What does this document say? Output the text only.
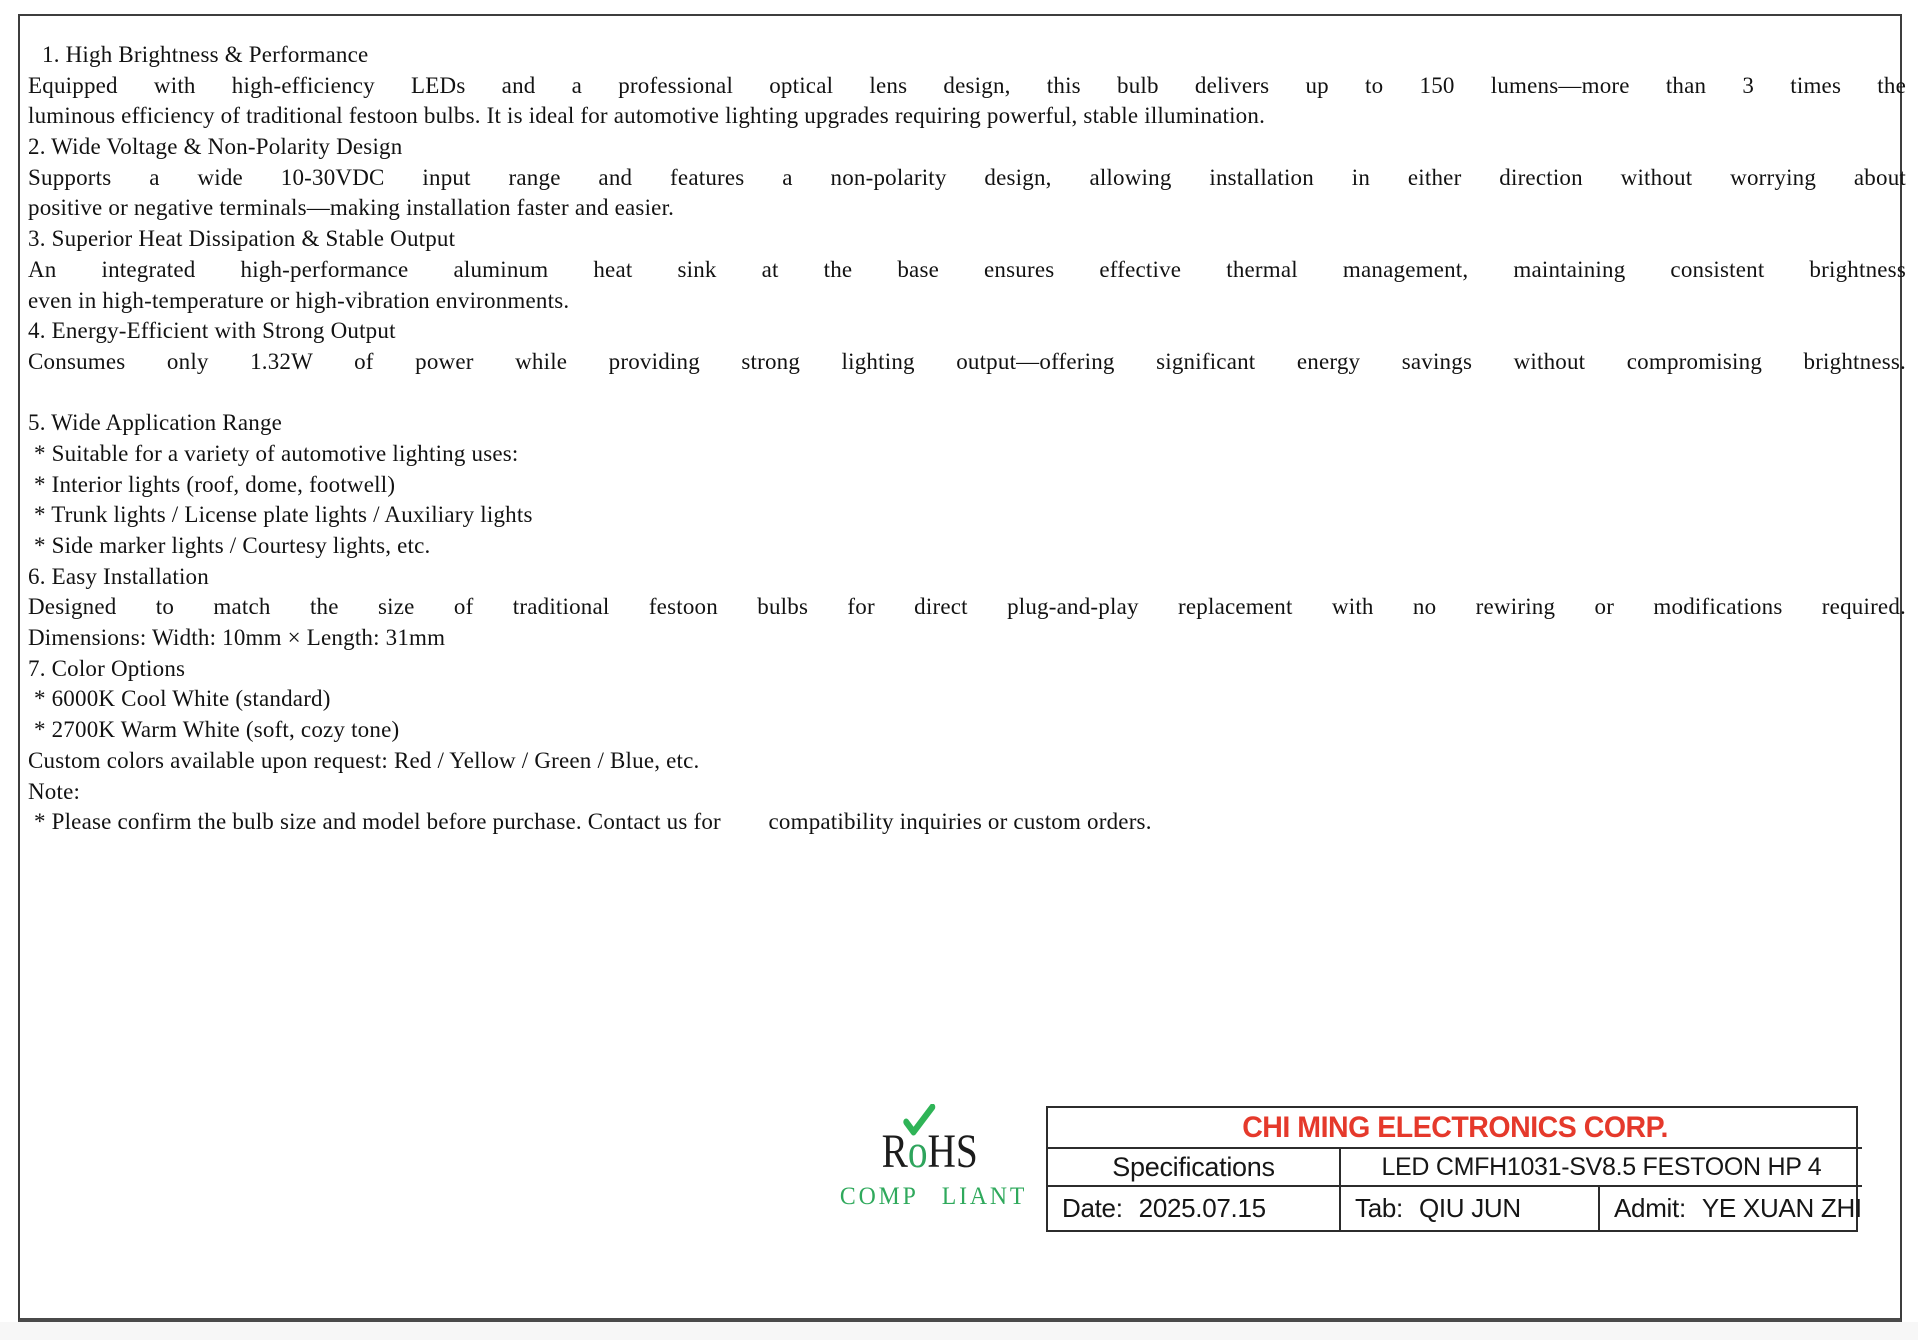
1. High Brightness & Performance
Equipped with high-efficiency LEDs and a professional optical lens design, this bulb delivers up to 150 lumens—more than 3 times the
luminous efficiency of traditional festoon bulbs. It is ideal for automotive lighting upgrades requiring powerful, stable illumination.
2. Wide Voltage & Non-Polarity Design
Supports a wide 10-30VDC input range and features a non-polarity design, allowing installation in either direction without worrying about
positive or negative terminals—making installation faster and easier.
3. Superior Heat Dissipation & Stable Output
An integrated high-performance aluminum heat sink at the base ensures effective thermal management, maintaining consistent brightness
even in high-temperature or high-vibration environments.
4. Energy-Efficient with Strong Output
Consumes only 1.32W of power while providing strong lighting output—offering significant energy savings without compromising brightness.
5. Wide Application Range
* Suitable for a variety of automotive lighting uses:
* Interior lights (roof, dome, footwell)
* Trunk lights / License plate lights / Auxiliary lights
* Side marker lights / Courtesy lights, etc.
6. Easy Installation
Designed to match the size of traditional festoon bulbs for direct plug-and-play replacement with no rewiring or modifications required.
Dimensions: Width: 10mm × Length: 31mm
7. Color Options
* 6000K Cool White (standard)
* 2700K Warm White (soft, cozy tone)
Custom colors available upon request: Red / Yellow / Green / Blue, etc.
Note:
* Please confirm the bulb size and model before purchase. Contact us for        compatibility inquiries or custom orders.
R
oHS COMP LIANT
CHI MING ELECTRONICS CORP.
Specifications	LED CMFH1031-SV8.5 FESTOON HP 4
Date: 2025.07.15	Tab: QIU JUN	Admit: YE XUAN ZHI
